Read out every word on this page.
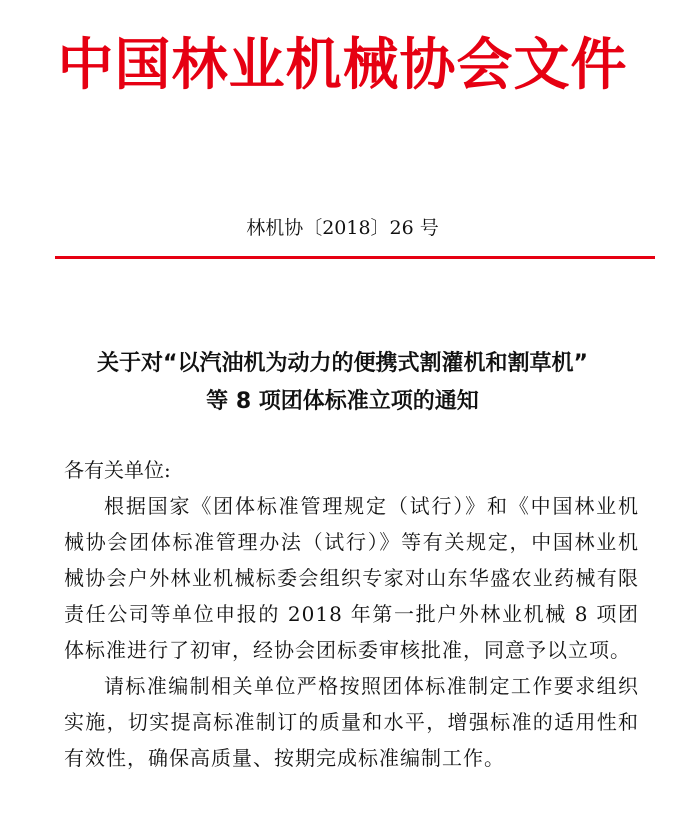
中国林业机械协会文件
林机协〔2018〕26 号
关于对“以汽油机为动力的便携式割灌机和割草机”
等 8 项团体标准立项的通知

各有关单位:

根据国家《团体标准管理规定（试行）》和《中国林业机械协会团体标准管理办法（试行）》等有关规定，中国林业机械协会户外林业机械标委会组织专家对山东华盛农业药械有限责任公司等单位申报的 2018 年第一批户外林业机械 8 项团体标准进行了初审，经协会团标委审核批准，同意予以立项。

请标准编制相关单位严格按照团体标准制定工作要求组织实施，切实提高标准制订的质量和水平，增强标准的适用性和有效性，确保高质量、按期完成标准编制工作。
